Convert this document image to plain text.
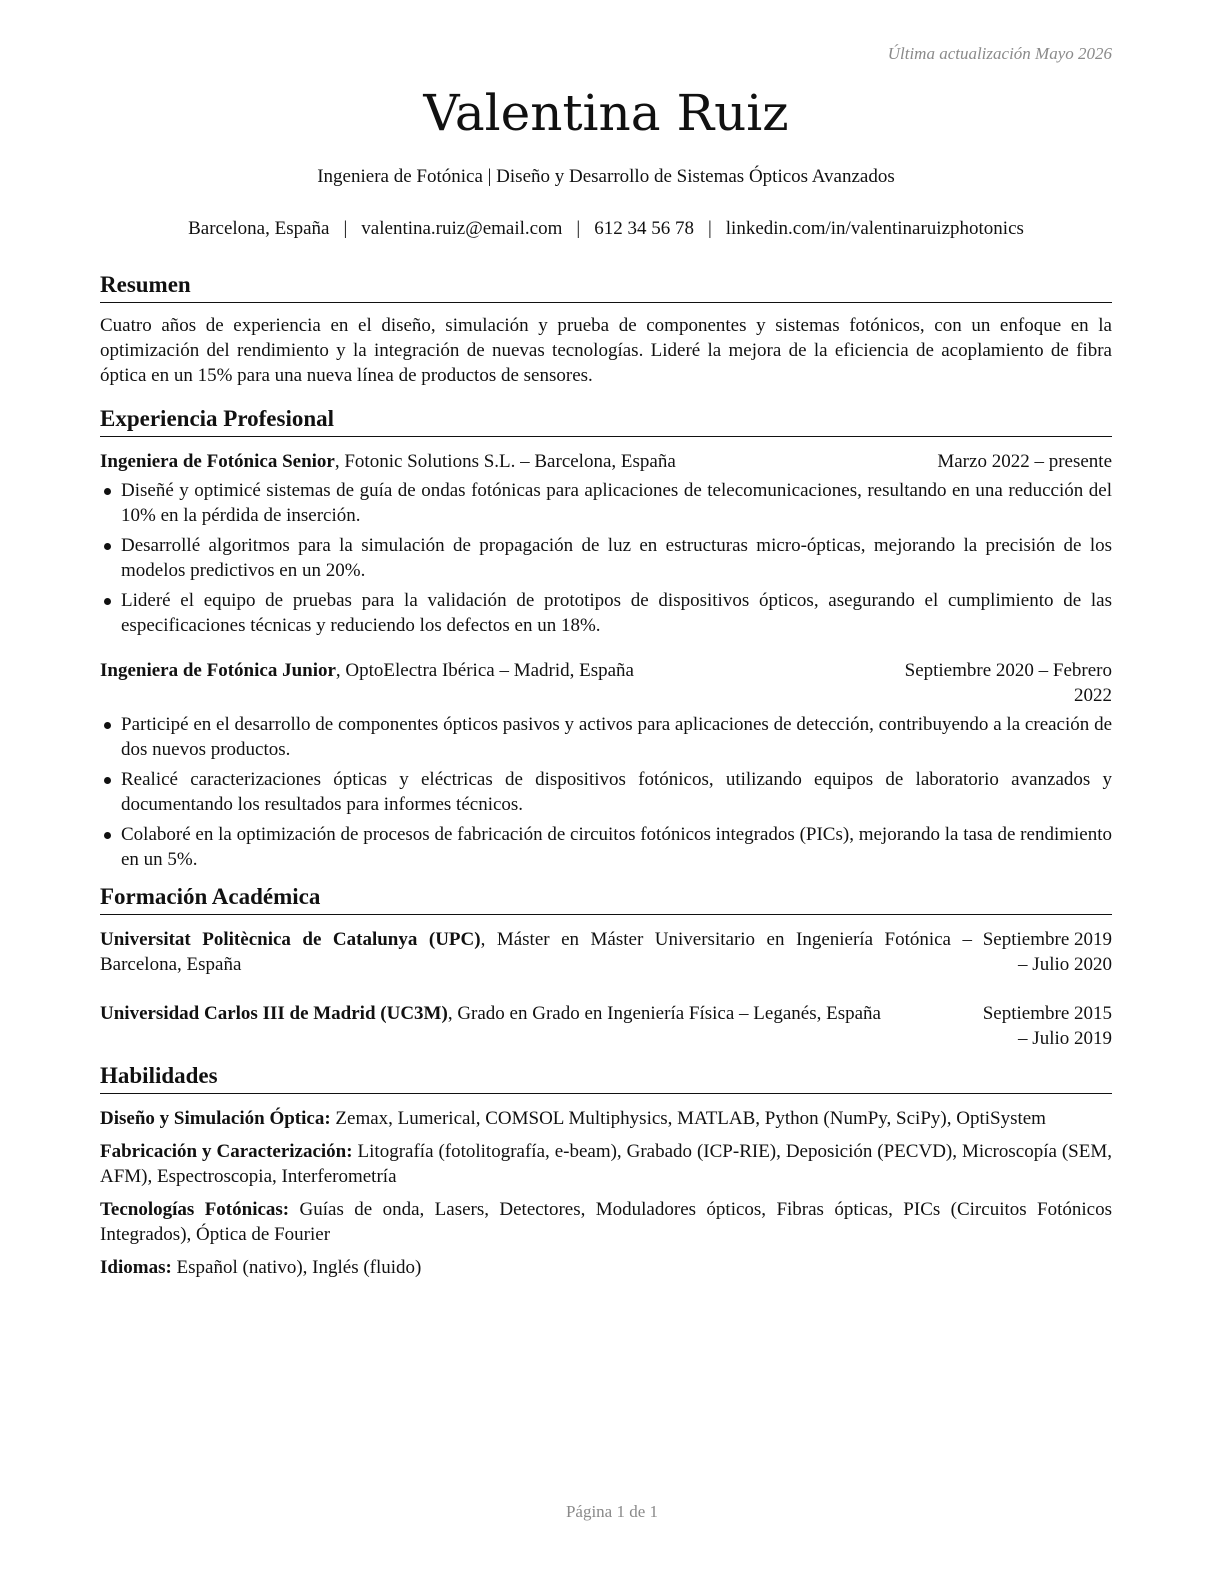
Última actualización Mayo 2026
Valentina Ruiz
Ingeniera de Fotónica | Diseño y Desarrollo de Sistemas Ópticos Avanzados
Barcelona, España | valentina.ruiz@email.com | 612 34 56 78 | linkedin.com/in/valentinaruizphotonics
Resumen

Cuatro años de experiencia en el diseño, simulación y prueba de componentes y sistemas fotónicos, con un enfoque en la optimización del rendimiento y la integración de nuevas tecnologías. Lideré la mejora de la eficiencia de acoplamiento de fibra óptica en un 15% para una nueva línea de productos de sensores.

Experiencia Profesional
Ingeniera de Fotónica Senior, Fotonic Solutions S.L. – Barcelona, España	Marzo 2022 – presente
Diseñé y optimicé sistemas de guía de ondas fotónicas para aplicaciones de telecomunicaciones, resultando en una reducción del 10% en la pérdida de inserción.
Desarrollé algoritmos para la simulación de propagación de luz en estructuras micro-ópticas, mejorando la precisión de los modelos predictivos en un 20%.
Lideré el equipo de pruebas para la validación de prototipos de dispositivos ópticos, asegurando el cumplimiento de las especificaciones técnicas y reduciendo los defectos en un 18%.
Ingeniera de Fotónica Junior, OptoElectra Ibérica – Madrid, España	Septiembre 2020 – Febrero 2022
Participé en el desarrollo de componentes ópticos pasivos y activos para aplicaciones de detección, contribuyendo a la creación de dos nuevos productos.
Realicé caracterizaciones ópticas y eléctricas de dispositivos fotónicos, utilizando equipos de laboratorio avanzados y documentando los resultados para informes técnicos.
Colaboré en la optimización de procesos de fabricación de circuitos fotónicos integrados (PICs), mejorando la tasa de rendimiento en un 5%.
Formación Académica
Universitat Politècnica de Catalunya (UPC), Máster en Máster Universitario en Ingeniería Fotónica – Barcelona, España
Septiembre 2019 – Julio 2020
Universidad Carlos III de Madrid (UC3M), Grado en Grado en Ingeniería Física – Leganés, España	Septiembre 2015 – Julio 2019
Habilidades
Diseño y Simulación Óptica: Zemax, Lumerical, COMSOL Multiphysics, MATLAB, Python (NumPy, SciPy), OptiSystem
Fabricación y Caracterización: Litografía (fotolitografía, e-beam), Grabado (ICP-RIE), Deposición (PECVD), Microscopía (SEM, AFM), Espectroscopia, Interferometría
Tecnologías Fotónicas: Guías de onda, Lasers, Detectores, Moduladores ópticos, Fibras ópticas, PICs (Circuitos Fotónicos Integrados), Óptica de Fourier
Idiomas: Español (nativo), Inglés (fluido)
Página 1 de 1
